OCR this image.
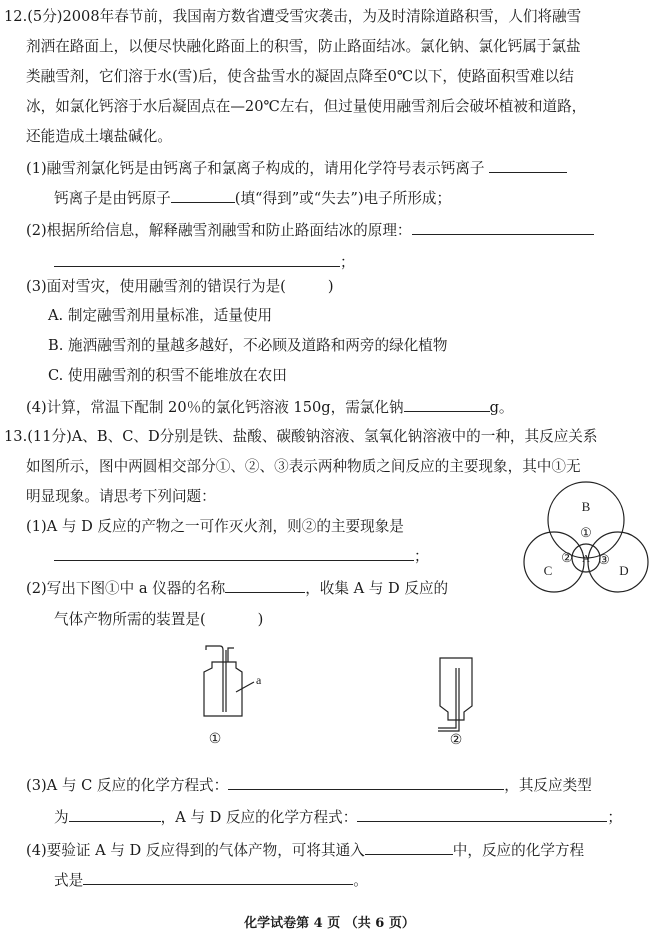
12.(5分)2008年春节前，我国南方数省遭受雪灾袭击，为及时清除道路积雪，人们将融雪
剂洒在路面上，以便尽快融化路面上的积雪，防止路面结冰。氯化钠、氯化钙属于氯盐
类融雪剂，它们溶于水(雪)后，使含盐雪水的凝固点降至0℃以下，使路面积雪难以结
冰，如氯化钙溶于水后凝固点在—20℃左右，但过量使用融雪剂后会破坏植被和道路，
还能造成土壤盐碱化。
(1)融雪剂氯化钙是由钙离子和氯离子构成的，请用化学符号表示钙离子
钙离子是由钙原子	(填“得到”或“失去”)电子所形成；
(2)根据所给信息，解释融雪剂融雪和防止路面结冰的原理：
；
(3)面对雪灾，使用融雪剂的错误行为是(	)
A. 制定融雪剂用量标准，适量使用
B. 施洒融雪剂的量越多越好，不必顾及道路和两旁的绿化植物
C. 使用融雪剂的积雪不能堆放在农田
(4)计算，常温下配制 20％的氯化钙溶液 150g，需氯化钠	g。
13.(11分)A、B、C、D分别是铁、盐酸、碳酸钠溶液、氢氧化钠溶液中的一种，其反应关系
如图所示，图中两圆相交部分①、②、③表示两种物质之间反应的主要现象，其中①无
明显现象。请思考下列问题：
(1)A 与 D 反应的产物之一可作灭火剂，则②的主要现象是
；
(2)写出下图①中 a 仪器的名称	，收集 A 与 D 反应的
气体产物所需的装置是(	)
B
①
A
② ③
C	D
a
①	②
(3)A 与 C 反应的化学方程式：	，其反应类型
为	，A 与 D 反应的化学方程式：	；
(4)要验证 A 与 D 反应得到的气体产物，可将其通入	中，反应的化学方程
式是	。
化学试卷第 4 页 （共 6 页）
